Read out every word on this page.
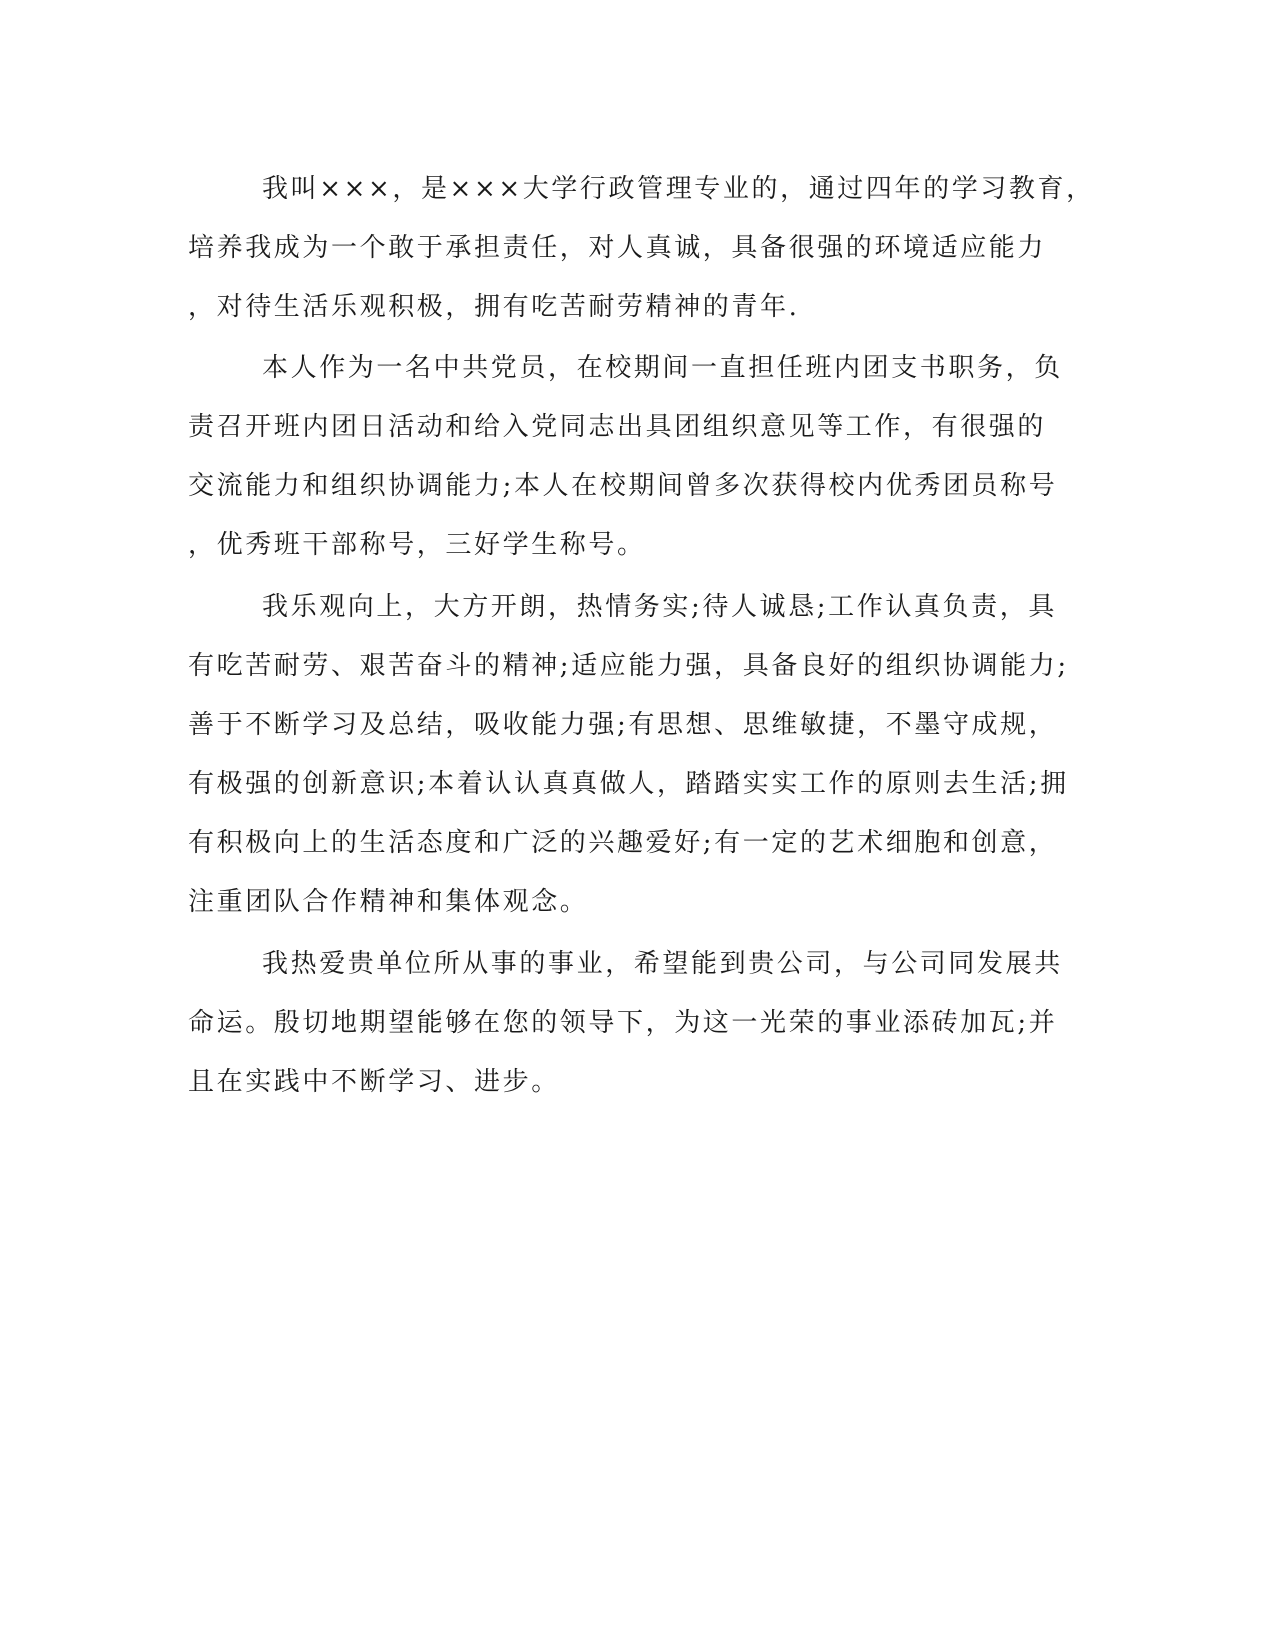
我叫×××，是×××大学行政管理专业的，通过四年的学习教育，
培养我成为一个敢于承担责任，对人真诚，具备很强的环境适应能力
，对待生活乐观积极，拥有吃苦耐劳精神的青年.

本人作为一名中共党员，在校期间一直担任班内团支书职务，负
责召开班内团日活动和给入党同志出具团组织意见等工作，有很强的
交流能力和组织协调能力;本人在校期间曾多次获得校内优秀团员称号
，优秀班干部称号，三好学生称号。

我乐观向上，大方开朗，热情务实;待人诚恳;工作认真负责，具
有吃苦耐劳、艰苦奋斗的精神;适应能力强，具备良好的组织协调能力;
善于不断学习及总结，吸收能力强;有思想、思维敏捷，不墨守成规，
有极强的创新意识;本着认认真真做人，踏踏实实工作的原则去生活;拥
有积极向上的生活态度和广泛的兴趣爱好;有一定的艺术细胞和创意，
注重团队合作精神和集体观念。

我热爱贵单位所从事的事业，希望能到贵公司，与公司同发展共
命运。殷切地期望能够在您的领导下，为这一光荣的事业添砖加瓦;并
且在实践中不断学习、进步。
